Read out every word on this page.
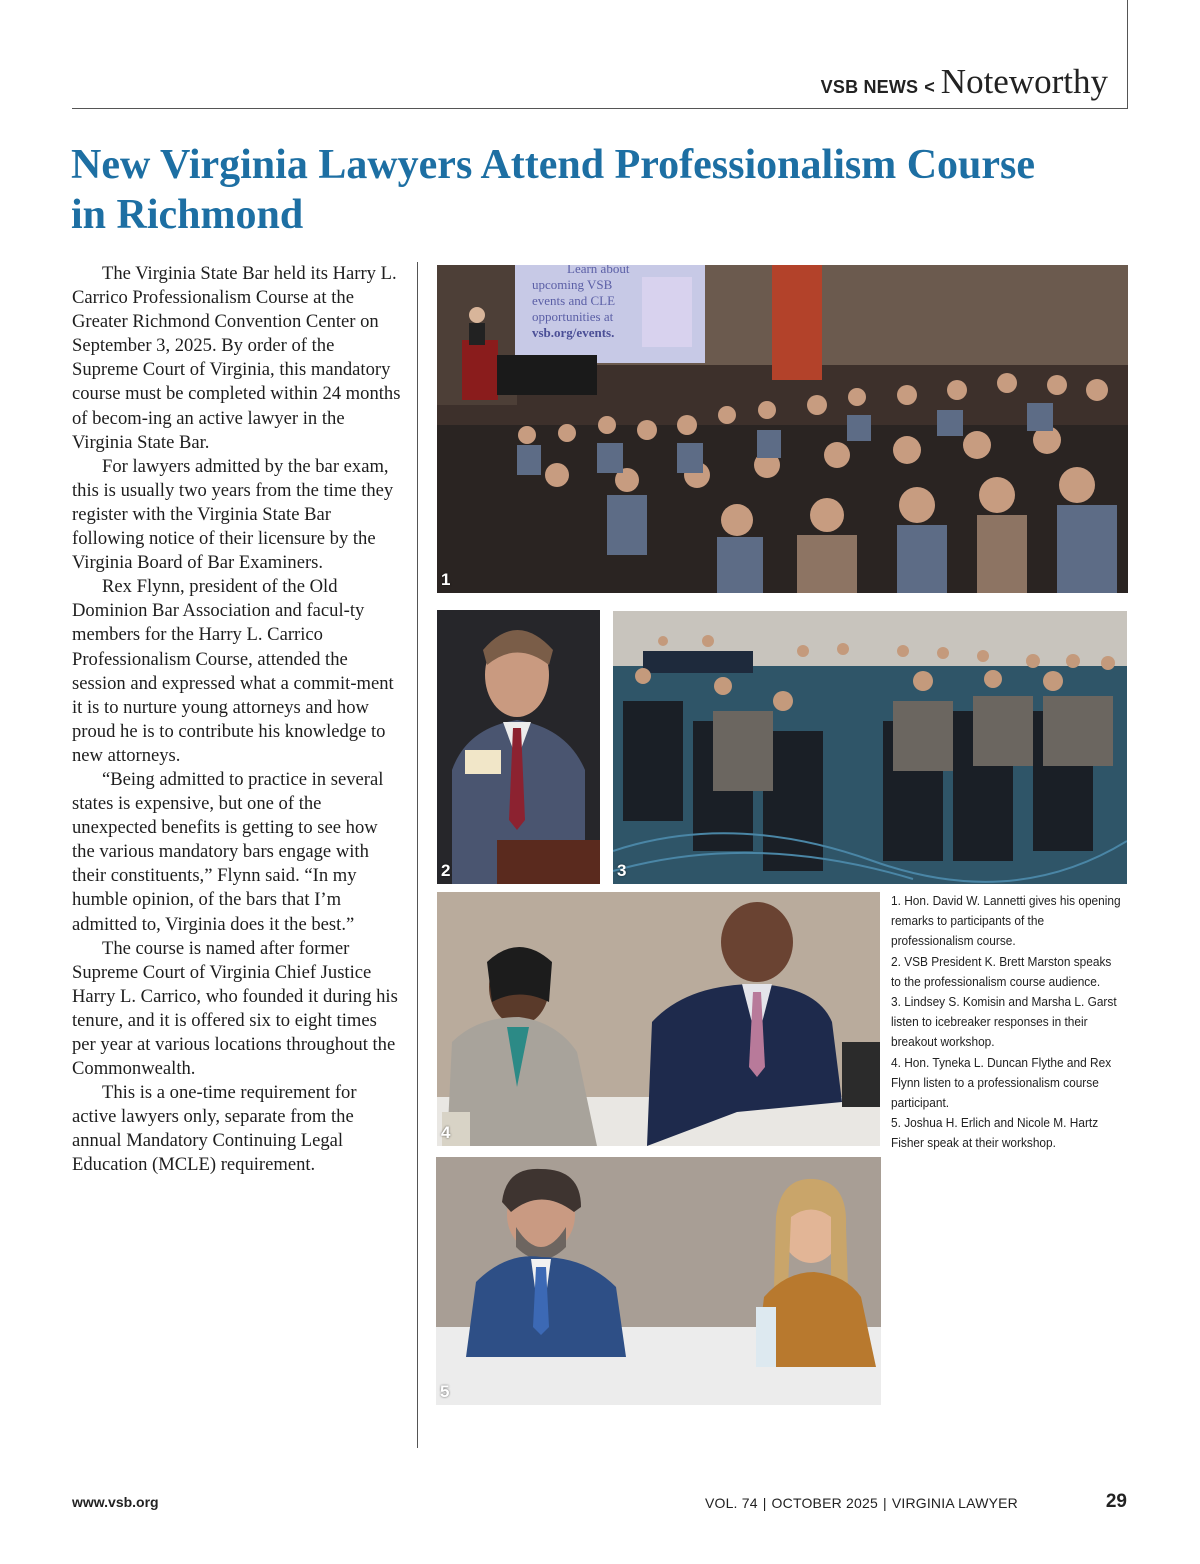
VSB NEWS < Noteworthy
New Virginia Lawyers Attend Professionalism Course in Richmond

The Virginia State Bar held its Harry L. Carrico Professionalism Course at the Greater Richmond Convention Center on September 3, 2025. By order of the Supreme Court of Virginia, this mandatory course must be completed within 24 months of becom-ing an active lawyer in the Virginia State Bar.

For lawyers admitted by the bar exam, this is usually two years from the time they register with the Virginia State Bar following notice of their licensure by the Virginia Board of Bar Examiners.

Rex Flynn, president of the Old Dominion Bar Association and facul-ty members for the Harry L. Carrico Professionalism Course, attended the session and expressed what a commit-ment it is to nurture young attorneys and how proud he is to contribute his knowledge to new attorneys.

“Being admitted to practice in several states is expensive, but one of the unexpected benefits is getting to see how the various mandatory bars engage with their constituents,” Flynn said. “In my humble opinion, of the bars that I’m admitted to, Virginia does it the best.”

The course is named after former Supreme Court of Virginia Chief Justice Harry L. Carrico, who founded it during his tenure, and it is offered six to eight times per year at various locations throughout the Commonwealth.

This is a one-time requirement for active lawyers only, separate from the annual Mandatory Continuing Legal Education (MCLE) requirement.

Learn about
upcoming VSB
events and CLE
opportunities at
vsb.org/events.
1
2	3
4
5

1. Hon. David W. Lannetti gives his opening remarks to participants of the professionalism course.

2. VSB President K. Brett Marston speaks to the professionalism course audience.

3. Lindsey S. Komisin and Marsha L. Garst listen to icebreaker responses in their breakout workshop.

4. Hon. Tyneka L. Duncan Flythe and Rex Flynn listen to a professionalism course participant.

5. Joshua H. Erlich and Nicole M. Hartz Fisher speak at their workshop.

www.vsb.org	VOL. 74 | OCTOBER 2025 | VIRGINIA LAWYER	29
